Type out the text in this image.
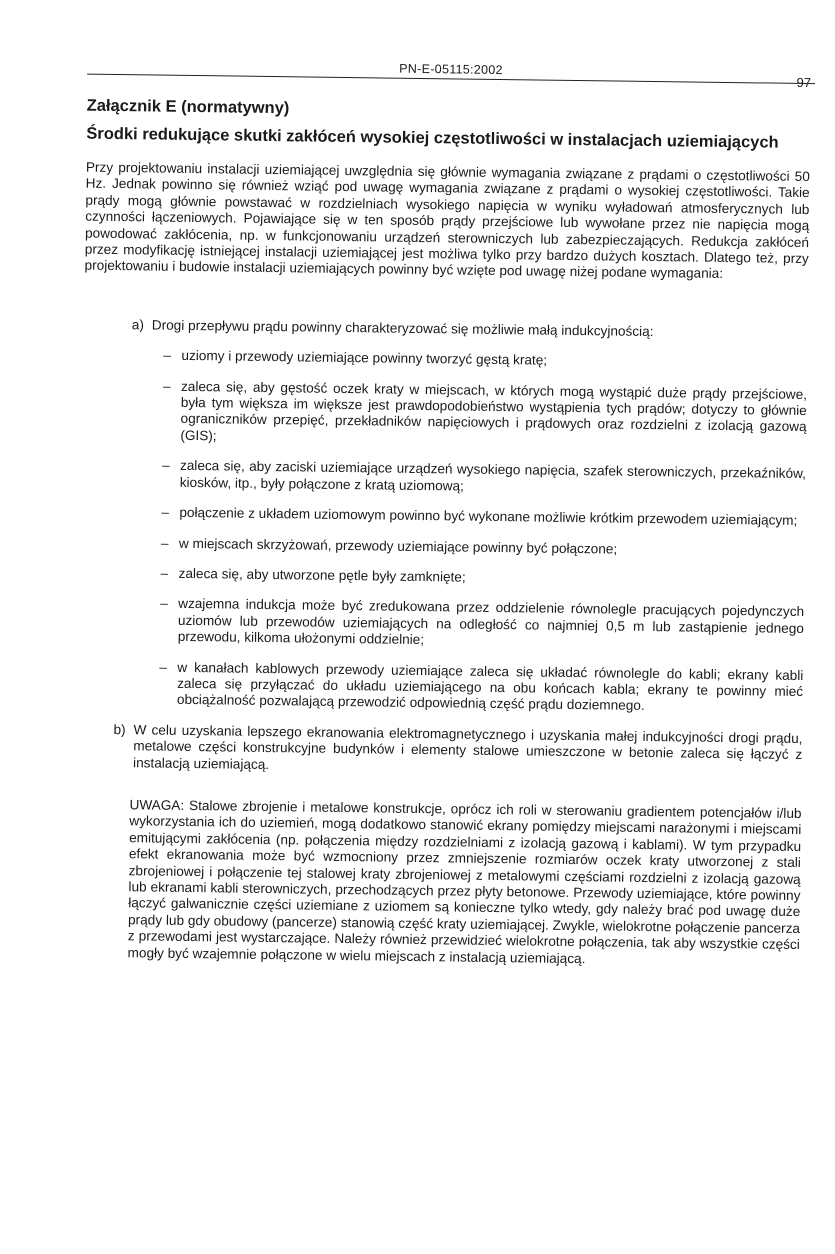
PN-E-05115:2002
97
Załącznik E (normatywny)
Środki redukujące skutki zakłóceń wysokiej częstotliwości w instalacjach uziemiających

Przy projektowaniu instalacji uziemiającej uwzględnia się głównie wymagania związane z prądami o częstotliwości 50 Hz. Jednak powinno się również wziąć pod uwagę wymagania związane z prądami o wysokiej częstotliwości. Takie prądy mogą głównie powstawać w rozdzielniach wysokiego napięcia w wyniku wyładowań atmosferycznych lub czynności łączeniowych. Pojawiające się w ten sposób prądy przejściowe lub wywołane przez nie napięcia mogą powodować zakłócenia, np. w funkcjonowaniu urządzeń sterowniczych lub zabezpieczających. Redukcja zakłóceń przez modyfikację istniejącej instalacji uziemiającej jest możliwa tylko przy bardzo dużych kosztach. Dlatego też, przy projektowaniu i budowie instalacji uziemiających powinny być wzięte pod uwagę niżej podane wymagania:

a) Drogi przepływu prądu powinny charakteryzować się możliwie małą indukcyjnością:
– uziomy i przewody uziemiające powinny tworzyć gęstą kratę;
– zaleca się, aby gęstość oczek kraty w miejscach, w których mogą wystąpić duże prądy przejściowe, była tym większa im większe jest prawdopodobieństwo wystąpienia tych prądów; dotyczy to głównie ograniczników przepięć, przekładników napięciowych i prądowych oraz rozdzielni z izolacją gazową (GIS);
– zaleca się, aby zaciski uziemiające urządzeń wysokiego napięcia, szafek sterowniczych, przekaźników, kiosków, itp., były połączone z kratą uziomową;
– połączenie z układem uziomowym powinno być wykonane możliwie krótkim przewodem uziemiającym;
– w miejscach skrzyżowań, przewody uziemiające powinny być połączone;
– zaleca się, aby utworzone pętle były zamknięte;
– wzajemna indukcja może być zredukowana przez oddzielenie równolegle pracujących pojedynczych uziomów lub przewodów uziemiających na odległość co najmniej 0,5 m lub zastąpienie jednego przewodu, kilkoma ułożonymi oddzielnie;
– w kanałach kablowych przewody uziemiające zaleca się układać równolegle do kabli; ekrany kabli zaleca się przyłączać do układu uziemiającego na obu końcach kabla; ekrany te powinny mieć obciążalność pozwalającą przewodzić odpowiednią część prądu doziemnego.
b) W celu uzyskania lepszego ekranowania elektromagnetycznego i uzyskania małej indukcyjności drogi prądu, metalowe części konstrukcyjne budynków i elementy stalowe umieszczone w betonie zaleca się łączyć z instalacją uziemiającą.

UWAGA: Stalowe zbrojenie i metalowe konstrukcje, oprócz ich roli w sterowaniu gradientem potencjałów i/lub wykorzystania ich do uziemień, mogą dodatkowo stanowić ekrany pomiędzy miejscami narażonymi i miejscami emitującymi zakłócenia (np. połączenia między rozdzielniami z izolacją gazową i kablami). W tym przypadku efekt ekranowania może być wzmocniony przez zmniejszenie rozmiarów oczek kraty utworzonej z stali zbrojeniowej i połączenie tej stalowej kraty zbrojeniowej z metalowymi częściami rozdzielni z izolacją gazową lub ekranami kabli sterowniczych, przechodzących przez płyty betonowe. Przewody uziemiające, które powinny łączyć galwanicznie części uziemiane z uziomem są konieczne tylko wtedy, gdy należy brać pod uwagę duże prądy lub gdy obudowy (pancerze) stanowią część kraty uziemiającej. Zwykle, wielokrotne połączenie pancerza z przewodami jest wystarczające. Należy również przewidzieć wielokrotne połączenia, tak aby wszystkie części mogły być wzajemnie połączone w wielu miejscach z instalacją uziemiającą.
